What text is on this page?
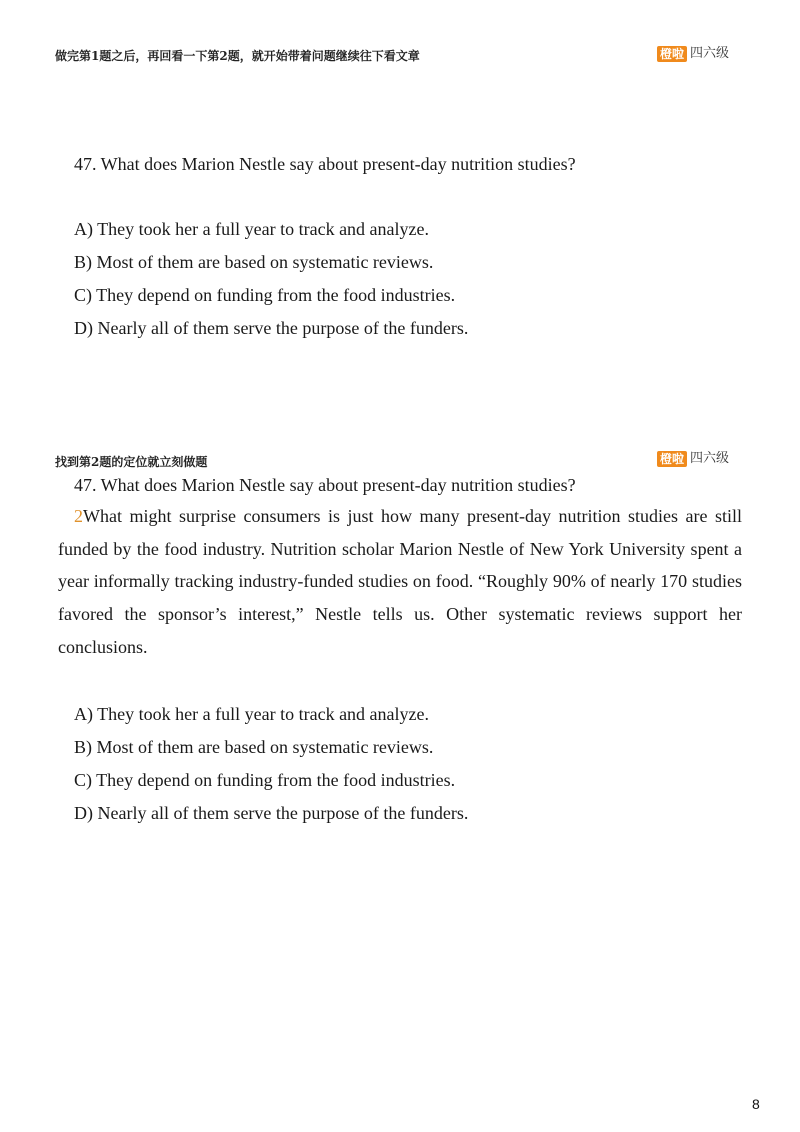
做完第1题之后，再回看一下第2题，就开始带着问题继续往下看文章	橙啦 四六级
47. What does Marion Nestle say about present-day nutrition studies?
A) They took her a full year to track and analyze.
B) Most of them are based on systematic reviews.
C) They depend on funding from the food industries.
D) Nearly all of them serve the purpose of the funders.
找到第2题的定位就立刻做题	橙啦 四六级
47. What does Marion Nestle say about present-day nutrition studies?
2What might surprise consumers is just how many present-day nutrition studies are still funded by the food industry. Nutrition scholar Marion Nestle of New York University spent a year informally tracking industry-funded studies on food. “Roughly 90% of nearly 170 studies favored the sponsor’s interest,” Nestle tells us. Other systematic reviews support her conclusions.
A) They took her a full year to track and analyze.
B) Most of them are based on systematic reviews.
C) They depend on funding from the food industries.
D) Nearly all of them serve the purpose of the funders.
8
